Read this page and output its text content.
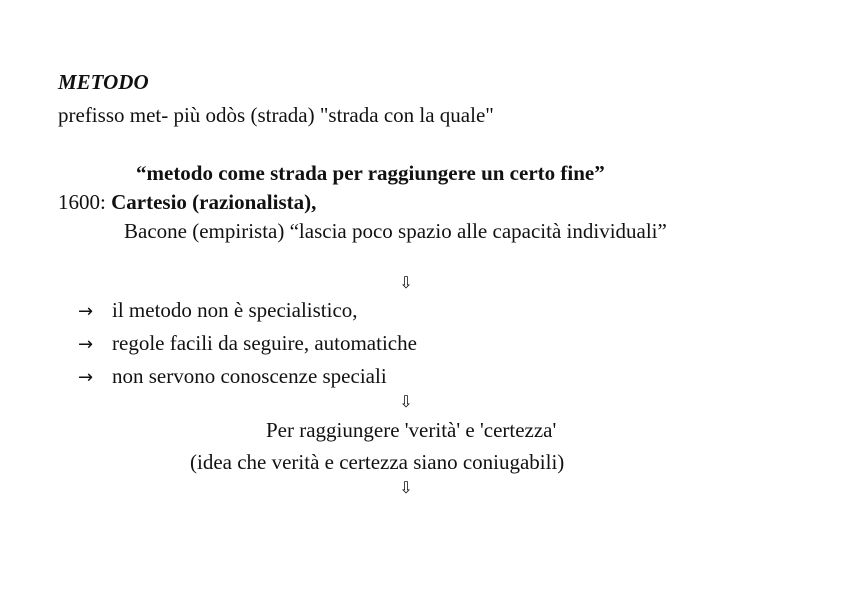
METODO
prefisso met- più odòs (strada) "strada con la quale"
“metodo come strada per raggiungere un certo fine”
1600: Cartesio (razionalista),
Bacone (empirista) “lascia poco spazio alle capacità individuali”
⇩
→ il metodo non è specialistico,
→ regole facili da seguire, automatiche
→ non servono conoscenze speciali
⇩
Per raggiungere 'verità' e 'certezza'
(idea che verità e certezza siano coniugabili)
⇩
